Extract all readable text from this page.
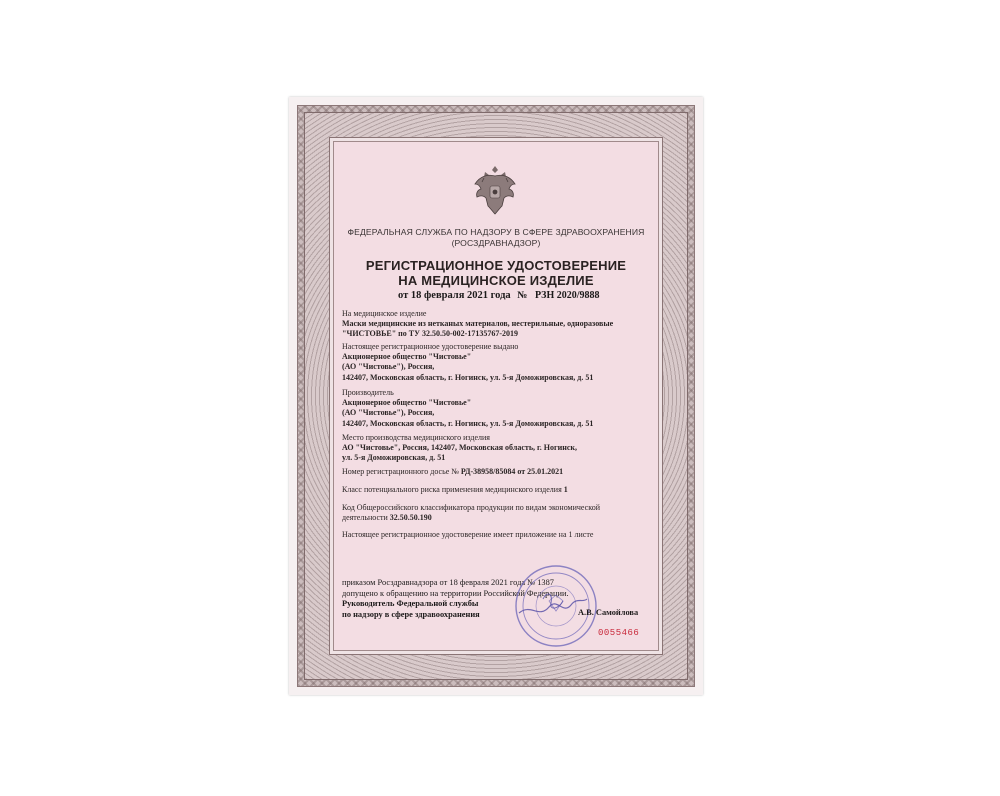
ФЕДЕРАЛЬНАЯ СЛУЖБА ПО НАДЗОРУ В СФЕРЕ ЗДРАВООХРАНЕНИЯ
(РОСЗДРАВНАДЗОР)
РЕГИСТРАЦИОННОЕ УДОСТОВЕРЕНИЕ
НА МЕДИЦИНСКОЕ ИЗДЕЛИЕ
от 18 февраля 2021 года № РЗН 2020/9888
На медицинское изделие
Маски медицинские из нетканых материалов, нестерильные, одноразовые
"ЧИСТОВЬЕ" по ТУ 32.50.50-002-17135767-2019
Настоящее регистрационное удостоверение выдано
Акционерное общество "Чистовье"
(АО "Чистовье"), Россия,
142407, Московская область, г. Ногинск, ул. 5-я Доможировская, д. 51
Производитель
Акционерное общество "Чистовье"
(АО "Чистовье"), Россия,
142407, Московская область, г. Ногинск, ул. 5-я Доможировская, д. 51
Место производства медицинского изделия
АО "Чистовье", Россия, 142407, Московская область, г. Ногинск,
ул. 5-я Доможировская, д. 51
Номер регистрационного досье № РД-38958/85084 от 25.01.2021
Класс потенциального риска применения медицинского изделия 1
Код Общероссийского классификатора продукции по видам экономической
деятельности 32.50.50.190
Настоящее регистрационное удостоверение имеет приложение на 1 листе
приказом Росздравнадзора от 18 февраля 2021 года № 1387
допущено к обращению на территории Российской Федерации.
Руководитель Федеральной службы
по надзору в сфере здравоохранения	А.В. Самойлова
0055466
